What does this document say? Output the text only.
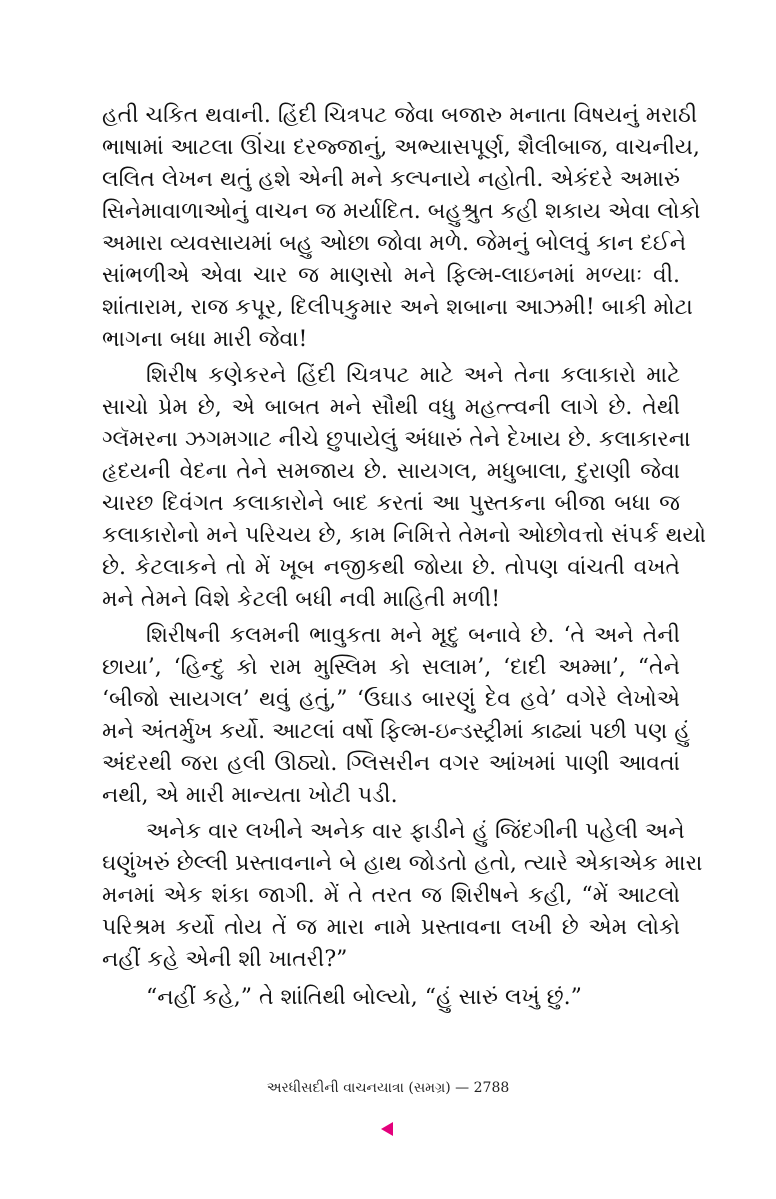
હતી ચકિત થવાની. હિંદી ચિત્રપટ જેવા બજારુ મનાતા વિષયનું મરાઠી
ભાષામાં આટલા ઊંચા દરજ્જાનું, અભ્યાસપૂર્ણ, શૈલીબાજ, વાચનીય,
લલિત લેખન થતું હશે એની મને કલ્પનાયે નહોતી. એકંદરે અમારું
સિનેમાવાળાઓનું વાચન જ મર્યાદિત. બહુશ્રુત કહી શકાય એવા લોકો
અમારા વ્યવસાયમાં બહુ ઓછા જોવા મળે. જેમનું બોલવું કાન દઈને
સાંભળીએ એવા ચાર જ માણસો મને ફિલ્મ-લાઇનમાં મળ્યાઃ વી.
શાંતારામ, રાજ કપૂર, દિલીપકુમાર અને શબાના આઝમી! બાકી મોટા
ભાગના બધા મારી જેવા!
શિરીષ કણેકરને હિંદી ચિત્રપટ માટે અને તેના કલાકારો માટે
સાચો પ્રેમ છે, એ બાબત મને સૌથી વધુ મહત્ત્વની લાગે છે. તેથી
ગ્લૅમરના ઝગમગાટ નીચે છુપાયેલું અંધારું તેને દેખાય છે. કલાકારના
હૃદયની વેદના તેને સમજાય છે. સાયગલ, મધુબાલા, દુરાણી જેવા
ચારછ દિવંગત કલાકારોને બાદ કરતાં આ પુસ્તકના બીજા બધા જ
કલાકારોનો મને પરિચય છે, કામ નિમિત્તે તેમનો ઓછોવત્તો સંપર્ક થયો
છે. કેટલાકને તો મેં ખૂબ નજીકથી જોયા છે. તોપણ વાંચતી વખતે
મને તેમને વિશે કેટલી બધી નવી માહિતી મળી!
શિરીષની કલમની ભાવુકતા મને મૃદુ બનાવે છે. ‘તે અને તેની
છાયા’, ‘હિન્દુ કો રામ મુસ્લિમ કો સલામ’, ‘દાદી અમ્મા’, “તેને
‘બીજો સાયગલ’ થવું હતું,” ‘ઉઘાડ બારણું દેવ હવે’ વગેરે લેખોએ
મને અંતર્મુખ કર્યો. આટલાં વર્ષો ફિલ્મ-ઇન્ડસ્ટ્રીમાં કાઢ્યાં પછી પણ હું
અંદરથી જરા હલી ઊઠ્યો. ગ્લિસરીન વગર આંખમાં પાણી આવતાં
નથી, એ મારી માન્યતા ખોટી પડી.
અનેક વાર લખીને અનેક વાર ફાડીને હું જિંદગીની પહેલી અને
ઘણુંખરું છેલ્લી પ્રસ્તાવનાને બે હાથ જોડતો હતો, ત્યારે એકાએક મારા
મનમાં એક શંકા જાગી. મેં તે તરત જ શિરીષને કહી, “મેં આટલો
પરિશ્રમ કર્યો તોય તેં જ મારા નામે પ્રસ્તાવના લખી છે એમ લોકો
નહીં કહે એની શી ખાતરી?”
“નહીં કહે,” તે શાંતિથી બોલ્યો, “હું સારું લખું છું.”
અરધીસદીની વાચનયાત્રા (સમગ્ર) — 2788
